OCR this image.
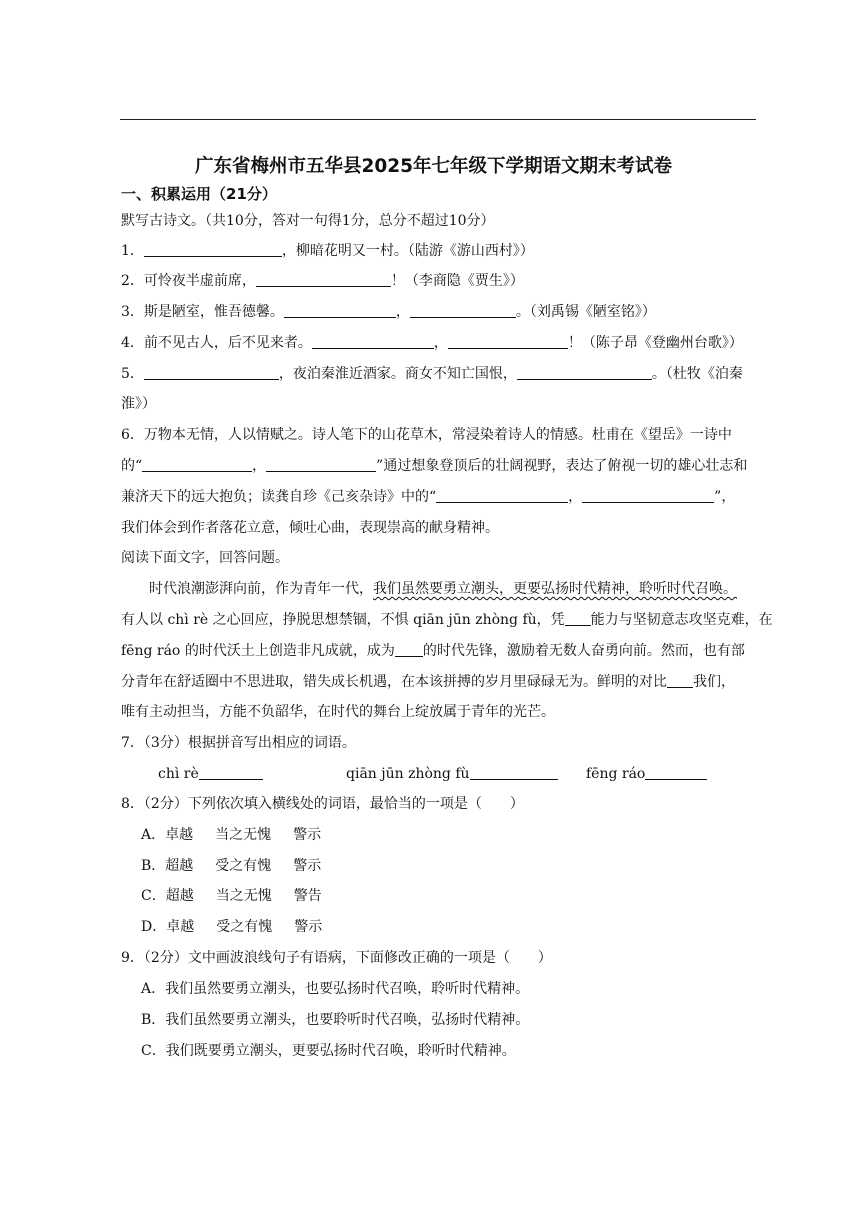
广东省梅州市五华县2025年七年级下学期语文期末考试卷
一、积累运用（21分）
默写古诗文。（共10分，答对一句得1分，总分不超过10分）
1．	，柳暗花明又一村。（陆游《游山西村》）
2．可怜夜半虚前席，	！（李商隐《贾生》）
3．斯是陋室，惟吾德馨。	，	。（刘禹锡《陋室铭》）
4．前不见古人，后不见来者。	，	！（陈子昂《登幽州台歌》）
5．	，夜泊秦淮近酒家。商女不知亡国恨，	。（杜牧《泊秦
淮》）
6．万物本无情，人以情赋之。诗人笔下的山花草木，常浸染着诗人的情感。杜甫在《望岳》一诗中
的“	，	”通过想象登顶后的壮阔视野，表达了俯视一切的雄心壮志和
兼济天下的远大抱负；读龚自珍《己亥杂诗》中的“	，	”，
我们体会到作者落花立意，倾吐心曲，表现崇高的献身精神。
阅读下面文字，回答问题。
时代浪潮澎湃向前，作为青年一代，我们虽然要勇立潮头，更要弘扬时代精神，聆听时代召唤。
有人以 chì rè 之心回应，挣脱思想禁锢，不惧 qiān jūn zhòng fù，凭 能力与坚韧意志攻坚克难，在
fēng ráo 的时代沃土上创造非凡成就，成为 的时代先锋，激励着无数人奋勇向前。然而，也有部
分青年在舒适圈中不思进取，错失成长机遇，在本该拼搏的岁月里碌碌无为。鲜明的对比 我们，
唯有主动担当，方能不负韶华，在时代的舞台上绽放属于青年的光芒。
7．（3分）根据拼音写出相应的词语。
chì rè	qiān jūn zhòng fù	fēng ráo
8．（2分）下列依次填入横线处的词语，最恰当的一项是（　　）
A．卓越 当之无愧 警示
B．超越 受之有愧 警示
C．超越 当之无愧 警告
D．卓越 受之有愧 警示
9．（2分）文中画波浪线句子有语病，下面修改正确的一项是（　　）
A．我们虽然要勇立潮头，也要弘扬时代召唤，聆听时代精神。
B．我们虽然要勇立潮头，也要聆听时代召唤，弘扬时代精神。
C．我们既要勇立潮头，更要弘扬时代召唤，聆听时代精神。
